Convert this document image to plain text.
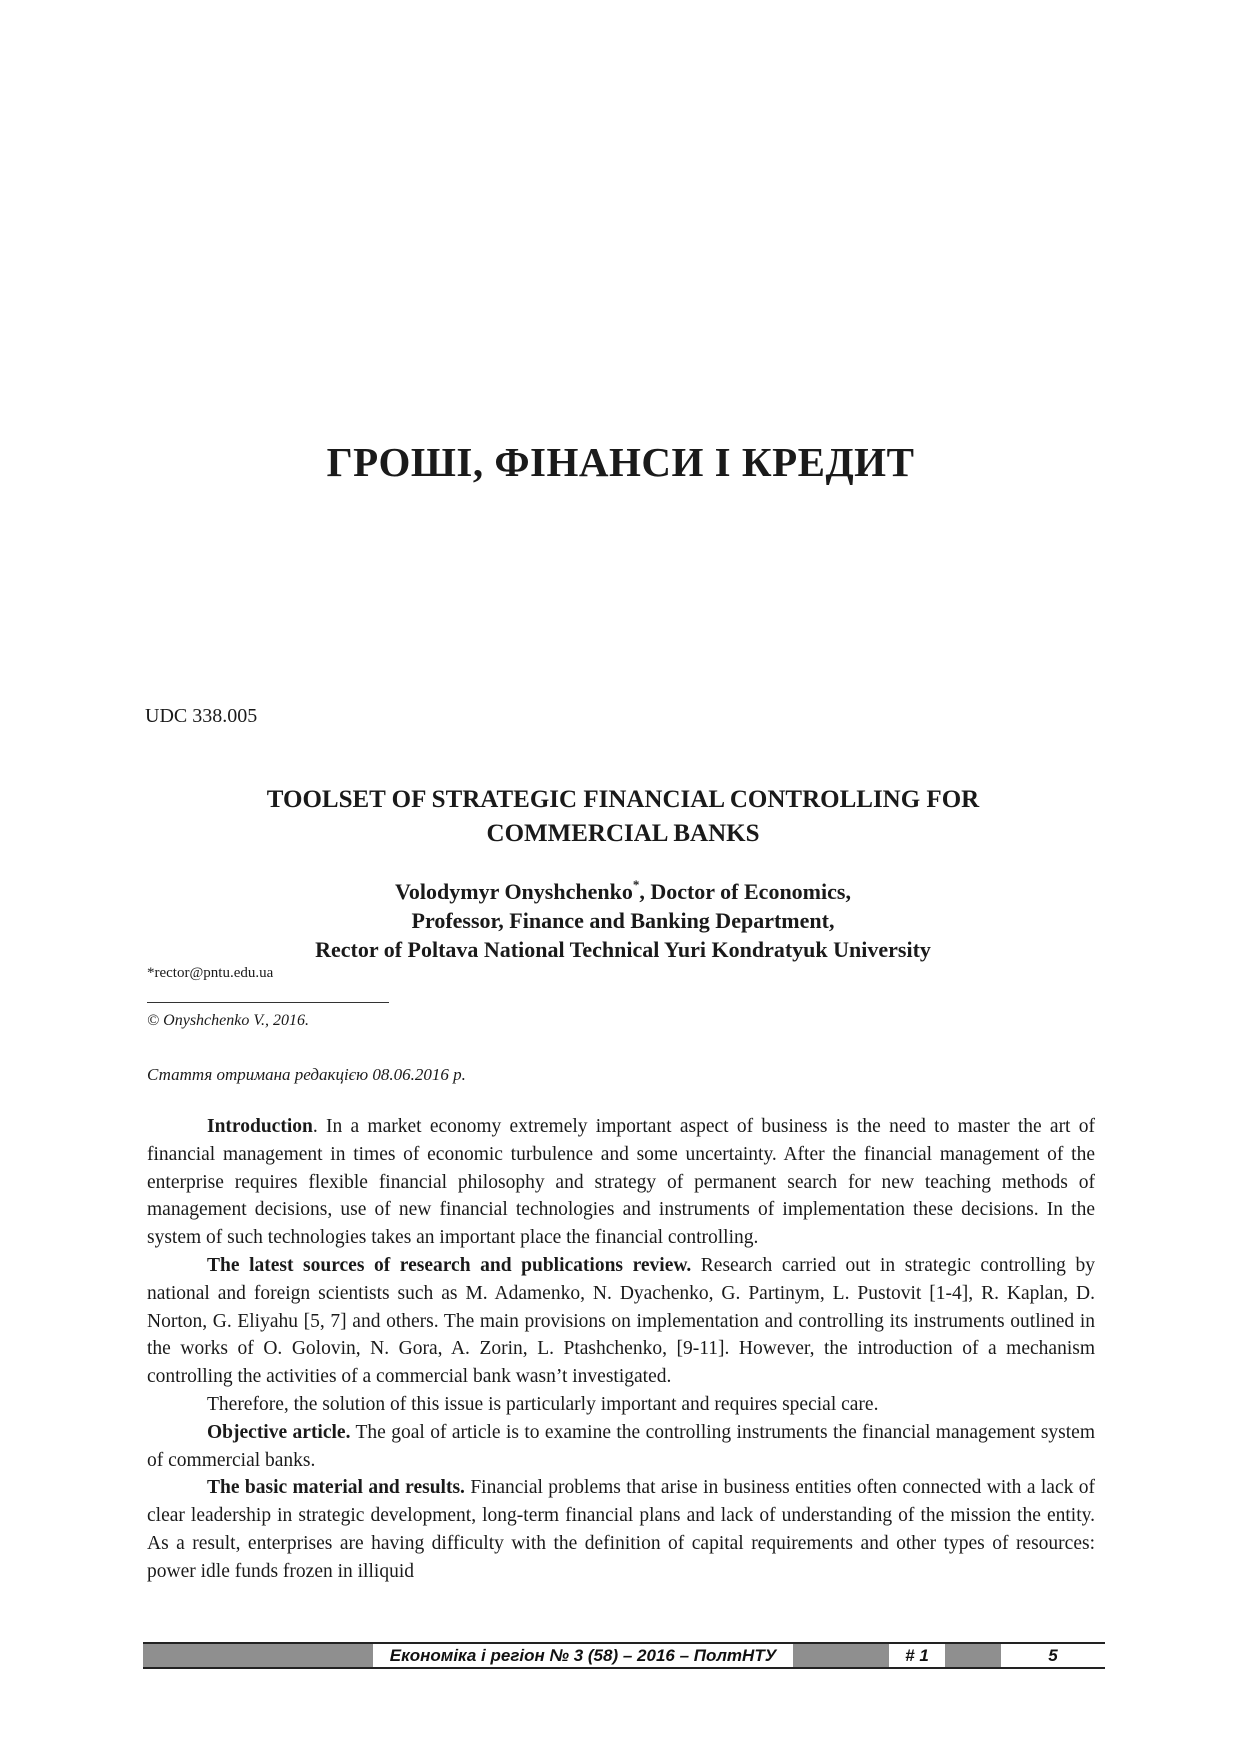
ГРОШІ, ФІНАНСИ І КРЕДИТ

UDC 338.005

TOOLSET OF STRATEGIC FINANCIAL CONTROLLING FOR
COMMERCIAL BANKS
Volodymyr Onyshchenko*, Doctor of Economics,
Professor, Finance and Banking Department,
Rector of Poltava National Technical Yuri Kondratyuk University

*rector@pntu.edu.ua

© Onyshchenko V., 2016.

Стаття отримана редакцією 08.06.2016 р.

Introduction. In a market economy extremely important aspect of business is the need to master the art of financial management in times of economic turbulence and some uncertainty. After the financial management of the enterprise requires flexible financial philosophy and strategy of permanent search for new teaching methods of management decisions, use of new financial technologies and instruments of implementation these decisions. In the system of such technologies takes an important place the financial controlling.

The latest sources of research and publications review. Research carried out in strategic controlling by national and foreign scientists such as M. Adamenko, N. Dyachenko, G. Partinym, L. Pustovit [1-4], R. Kaplan, D. Norton, G. Eliyahu [5, 7] and others. The main provisions on implementation and controlling its instruments outlined in the works of O. Golovin, N. Gora, A. Zorin, L. Ptashchenko, [9-11]. However, the introduction of a mechanism controlling the activities of a commercial bank wasn’t investigated.

Therefore, the solution of this issue is particularly important and requires special care.

Objective article. The goal of article is to examine the controlling instruments the financial management system of commercial banks.

The basic material and results. Financial problems that arise in business entities often connected with a lack of clear leadership in strategic development, long-term financial plans and lack of understanding of the mission the entity. As a result, enterprises are having difficulty with the definition of capital requirements and other types of resources: power idle funds frozen in illiquid

Економіка і регіон № 3 (58) – 2016 – ПолтНТУ	# 1	5
